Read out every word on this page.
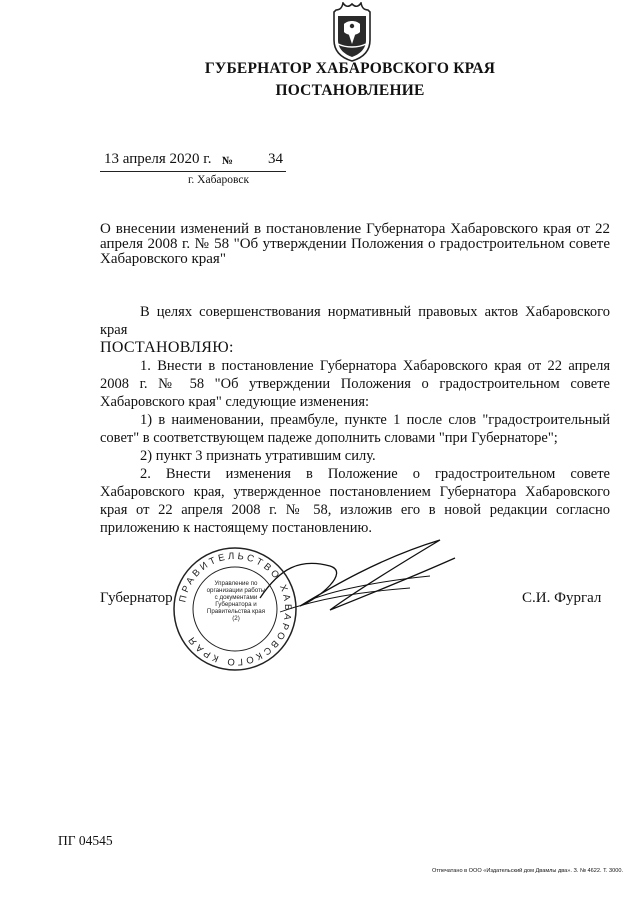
ГУБЕРНАТОР ХАБАРОВСКОГО КРАЯ
ПОСТАНОВЛЕНИЕ
13 апреля 2020 г. № 34
г. Хабаровск
О внесении изменений в постановление Губернатора Хабаровского края от 22 апреля 2008 г. № 58 "Об утверждении Положения о градостроительном совете Хабаровского края"

В целях совершенствования нормативный правовых актов Хабаровского края

ПОСТАНОВЛЯЮ:

1. Внести в постановление Губернатора Хабаровского края от 22 апреля 2008 г. № 58 "Об утверждении Положения о градостроительном совете Хабаровского края" следующие изменения:

1) в наименовании, преамбуле, пункте 1 после слов "градостроительный совет" в соответствующем падеже дополнить словами "при Губернаторе";

2) пункт 3 признать утратившим силу.

2. Внести изменения в Положение о градостроительном совете Хабаровского края, утвержденное постановлением Губернатора Хабаровского края от 22 апреля 2008 г. № 58, изложив его в новой редакции согласно приложению к настоящему постановлению.

ПРАВИТЕЛЬСТВО ХАБАРОВСКОГО КРАЯ
Управление по организации работы с документами Губернатора и Правительства края (2)
Губернатор	С.И. Фургал
ПГ 04545
Отпечатано в ООО «Издательский дом Двамлы два». З. № 4622. Т. 3000.
